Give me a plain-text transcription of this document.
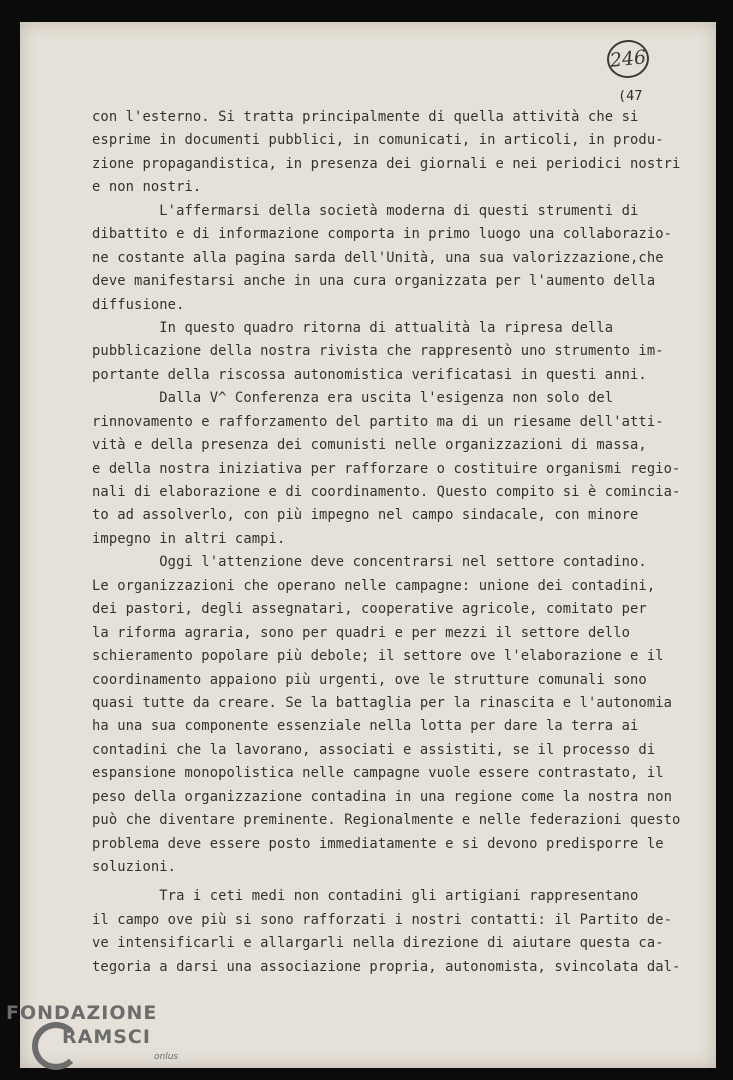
246
(47
con l'esterno. Si tratta principalmente di quella attività che si
esprime in documenti pubblici, in comunicati, in articoli, in produ-
zione propagandistica, in presenza dei giornali e nei periodici nostri
e non nostri.
L'affermarsi della società moderna di questi strumenti di
dibattito e di informazione comporta in primo luogo una collaborazio-
ne costante alla pagina sarda dell'Unità, una sua valorizzazione,che
deve manifestarsi anche in una cura organizzata per l'aumento della
diffusione.
In questo quadro ritorna di attualità la ripresa della
pubblicazione della nostra rivista che rappresentò uno strumento im-
portante della riscossa autonomistica verificatasi in questi anni.
Dalla V^ Conferenza era uscita l'esigenza non solo del
rinnovamento e rafforzamento del partito ma di un riesame dell'atti-
vità e della presenza dei comunisti nelle organizzazioni di massa,
e della nostra iniziativa per rafforzare o costituire organismi regio-
nali di elaborazione e di coordinamento. Questo compito si è comincia-
to ad assolverlo, con più impegno nel campo sindacale, con minore
impegno in altri campi.
Oggi l'attenzione deve concentrarsi nel settore contadino.
Le organizzazioni che operano nelle campagne: unione dei contadini,
dei pastori, degli assegnatari, cooperative agricole, comitato per
la riforma agraria, sono per quadri e per mezzi il settore dello
schieramento popolare più debole; il settore ove l'elaborazione e il
coordinamento appaiono più urgenti, ove le strutture comunali sono
quasi tutte da creare. Se la battaglia per la rinascita e l'autonomia
ha una sua componente essenziale nella lotta per dare la terra ai
contadini che la lavorano, associati e assistiti, se il processo di
espansione monopolistica nelle campagne vuole essere contrastato, il
peso della organizzazione contadina in una regione come la nostra non
può che diventare preminente. Regionalmente e nelle federazioni questo
problema deve essere posto immediatamente e si devono predisporre le
soluzioni.
Tra i ceti medi non contadini gli artigiani rappresentano
il campo ove più si sono rafforzati i nostri contatti: il Partito de-
ve intensificarli e allargarli nella direzione di aiutare questa ca-
tegoria a darsi una associazione propria, autonomista, svincolata dal-
FONDAZIONE
RAMSCI
onlus
